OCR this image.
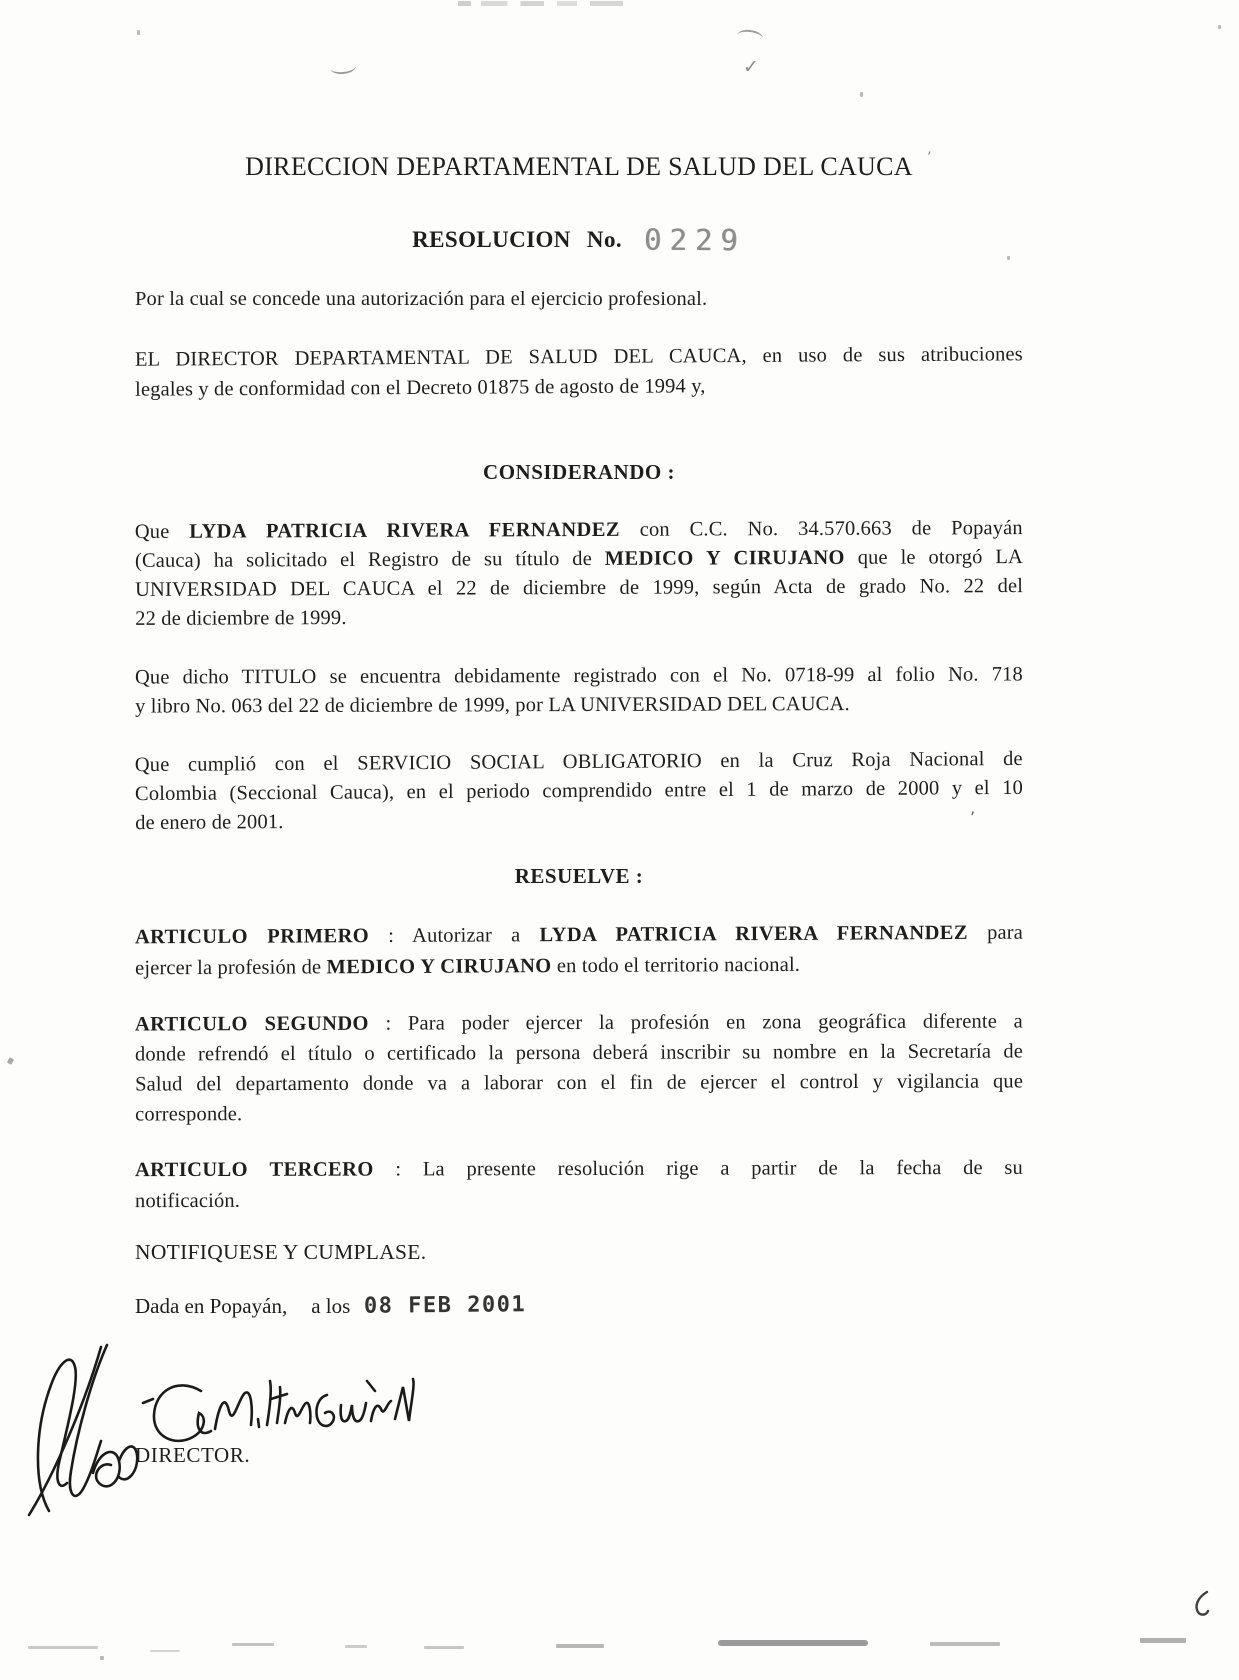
DIRECCION DEPARTAMENTAL DE SALUD DEL CAUCA
RESOLUCION No. 0229
Por la cual se concede una autorización para el ejercicio profesional.
EL DIRECTOR DEPARTAMENTAL DE SALUD DEL CAUCA, en uso de sus atribuciones
legales y de conformidad con el Decreto 01875 de agosto de 1994 y,
CONSIDERANDO :
Que LYDA PATRICIA RIVERA FERNANDEZ con C.C. No. 34.570.663 de Popayán
(Cauca) ha solicitado el Registro de su título de MEDICO Y CIRUJANO que le otorgó LA
UNIVERSIDAD DEL CAUCA el 22 de diciembre de 1999, según Acta de grado No. 22 del
22 de diciembre de 1999.
Que dicho TITULO se encuentra debidamente registrado con el No. 0718-99 al folio No. 718
y libro No. 063 del 22 de diciembre de 1999, por LA UNIVERSIDAD DEL CAUCA.
Que cumplió con el SERVICIO SOCIAL OBLIGATORIO en la Cruz Roja Nacional de
Colombia (Seccional Cauca), en el periodo comprendido entre el 1 de marzo de 2000 y el 10
de enero de 2001.
RESUELVE :
ARTICULO PRIMERO : Autorizar a LYDA PATRICIA RIVERA FERNANDEZ para
ejercer la profesión de MEDICO Y CIRUJANO en todo el territorio nacional.
ARTICULO SEGUNDO : Para poder ejercer la profesión en zona geográfica diferente a
donde refrendó el título o certificado la persona deberá inscribir su nombre en la Secretaría de
Salud del departamento donde va a laborar con el fin de ejercer el control y vigilancia que
corresponde.
ARTICULO TERCERO : La presente resolución rige a partir de la fecha de su
notificación.
NOTIFIQUESE Y CUMPLASE.
Dada en Popayán, a los 08 FEB 2001
DIRECTOR.
✓
’
’
